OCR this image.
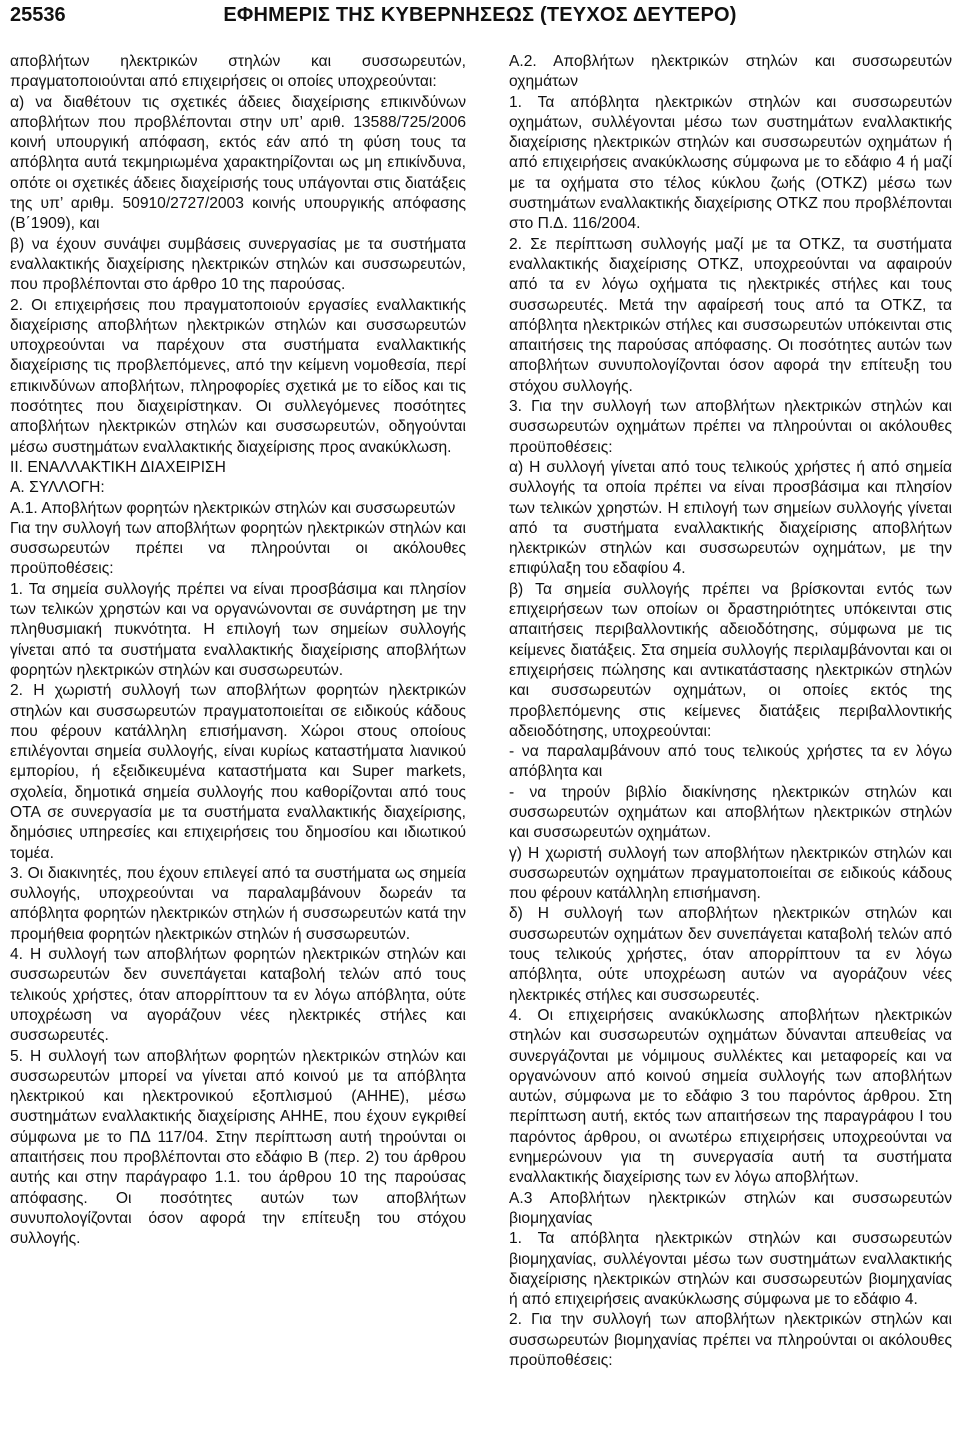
25536	ΕΦΗΜΕΡΙΣ ΤΗΣ ΚΥΒΕΡΝΗΣΕΩΣ (ΤΕΥΧΟΣ ΔΕΥΤΕΡΟ)

αποβλήτων ηλεκτρικών στηλών και συσσωρευτών, πραγματοποιούνται από επιχειρήσεις οι οποίες υποχρεούνται:

α) να διαθέτουν τις σχετικές άδειες διαχείρισης επικινδύνων αποβλήτων που προβλέπονται στην υπ’ αριθ. 13588/725/2006 κοινή υπουργική απόφαση, εκτός εάν από τη φύση τους τα απόβλητα αυτά τεκμηριωμένα χαρακτηρίζονται ως μη επικίνδυνα, οπότε οι σχετικές άδειες διαχείρισής τους υπάγονται στις διατάξεις της υπ’ αριθμ. 50910/2727/2003 κοινής υπουργικής απόφασης (Β΄1909), και

β) να έχουν συνάψει συμβάσεις συνεργασίας με τα συστήματα εναλλακτικής διαχείρισης ηλεκτρικών στηλών και συσσωρευτών, που προβλέπονται στο άρθρο 10 της παρούσας.

2. Οι επιχειρήσεις που πραγματοποιούν εργασίες εναλλακτικής διαχείρισης αποβλήτων ηλεκτρικών στηλών και συσσωρευτών υποχρεούνται να παρέχουν στα συστήματα εναλλακτικής διαχείρισης τις προβλεπόμενες, από την κείμενη νομοθεσία, περί επικινδύνων αποβλήτων, πληροφορίες σχετικά με το είδος και τις ποσότητες που διαχειρίστηκαν. Οι συλλεγόμενες ποσότητες αποβλήτων ηλεκτρικών στηλών και συσσωρευτών, οδηγούνται μέσω συστημάτων εναλλακτικής διαχείρισης προς ανακύκλωση.

ΙΙ. ΕΝΑΛΛΑΚΤΙΚΗ ΔΙΑΧΕΙΡΙΣΗ

Α. ΣΥΛΛΟΓΗ:

Α.1. Αποβλήτων φορητών ηλεκτρικών στηλών και συσσωρευτών

Για την συλλογή των αποβλήτων φορητών ηλεκτρικών στηλών και συσσωρευτών πρέπει να πληρούνται οι ακόλουθες προϋποθέσεις:

1. Τα σημεία συλλογής πρέπει να είναι προσβάσιμα και πλησίον των τελικών χρηστών και να οργανώνονται σε συνάρτηση με την πληθυσμιακή πυκνότητα. Η επιλογή των σημείων συλλογής γίνεται από τα συστήματα εναλλακτικής διαχείρισης αποβλήτων φορητών ηλεκτρικών στηλών και συσσωρευτών.

2. Η χωριστή συλλογή των αποβλήτων φορητών ηλεκτρικών στηλών και συσσωρευτών πραγματοποιείται σε ειδικούς κάδους που φέρουν κατάλληλη επισήμανση. Χώροι στους οποίους επιλέγονται σημεία συλλογής, είναι κυρίως καταστήματα λιανικού εμπορίου, ή εξειδικευμένα καταστήματα και Super markets, σχολεία, δημοτικά σημεία συλλογής που καθορίζονται από τους ΟΤΑ σε συνεργασία με τα συστήματα εναλλακτικής διαχείρισης, δημόσιες υπηρεσίες και επιχειρήσεις του δημοσίου και ιδιωτικού τομέα.

3. Οι διακινητές, που έχουν επιλεγεί από τα συστήματα ως σημεία συλλογής, υποχρεούνται να παραλαμβάνουν δωρεάν τα απόβλητα φορητών ηλεκτρικών στηλών ή συσσωρευτών κατά την προμήθεια φορητών ηλεκτρικών στηλών ή συσσωρευτών.

4. Η συλλογή των αποβλήτων φορητών ηλεκτρικών στηλών και συσσωρευτών δεν συνεπάγεται καταβολή τελών από τους τελικούς χρήστες, όταν απορρίπτουν τα εν λόγω απόβλητα, ούτε υποχρέωση να αγοράζουν νέες ηλεκτρικές στήλες και συσσωρευτές.

5. Η συλλογή των αποβλήτων φορητών ηλεκτρικών στηλών και συσσωρευτών μπορεί να γίνεται από κοινού με τα απόβλητα ηλεκτρικού και ηλεκτρονικού εξοπλισμού (ΑΗΗΕ), μέσω συστημάτων εναλλακτικής διαχείρισης ΑΗΗΕ, που έχουν εγκριθεί σύμφωνα με το ΠΔ 117/04. Στην περίπτωση αυτή τηρούνται οι απαιτήσεις που προβλέπονται στο εδάφιο Β (περ. 2) του άρθρου αυτής και στην παράγραφο 1.1. του άρθρου 10 της παρούσας απόφασης. Οι ποσότητες αυτών των αποβλήτων συνυπολογίζονται όσον αφορά την επίτευξη του στόχου συλλογής.

Α.2. Αποβλήτων ηλεκτρικών στηλών και συσσωρευτών οχημάτων

1. Τα απόβλητα ηλεκτρικών στηλών και συσσωρευτών οχημάτων, συλλέγονται μέσω των συστημάτων εναλλακτικής διαχείρισης ηλεκτρικών στηλών και συσσωρευτών οχημάτων ή από επιχειρήσεις ανακύκλωσης σύμφωνα με το εδάφιο 4 ή μαζί με τα οχήματα στο τέλος κύκλου ζωής (ΟΤΚΖ) μέσω των συστημάτων εναλλακτικής διαχείρισης ΟΤΚΖ που προβλέπονται στο Π.Δ. 116/2004.

2. Σε περίπτωση συλλογής μαζί με τα ΟΤΚΖ, τα συστήματα εναλλακτικής διαχείρισης ΟΤΚΖ, υποχρεούνται να αφαιρούν από τα εν λόγω οχήματα τις ηλεκτρικές στήλες και τους συσσωρευτές. Μετά την αφαίρεσή τους από τα ΟΤΚΖ, τα απόβλητα ηλεκτρικών στήλες και συσσωρευτών υπόκεινται στις απαιτήσεις της παρούσας απόφασης. Οι ποσότητες αυτών των αποβλήτων συνυπολογίζονται όσον αφορά την επίτευξη του στόχου συλλογής.

3. Για την συλλογή των αποβλήτων ηλεκτρικών στηλών και συσσωρευτών οχημάτων πρέπει να πληρούνται οι ακόλουθες προϋποθέσεις:

α) Η συλλογή γίνεται από τους τελικούς χρήστες ή από σημεία συλλογής τα οποία πρέπει να είναι προσβάσιμα και πλησίον των τελικών χρηστών. Η επιλογή των σημείων συλλογής γίνεται από τα συστήματα εναλλακτικής διαχείρισης αποβλήτων ηλεκτρικών στηλών και συσσωρευτών οχημάτων, με την επιφύλαξη του εδαφίου 4.

β) Τα σημεία συλλογής πρέπει να βρίσκονται εντός των επιχειρήσεων των οποίων οι δραστηριότητες υπόκεινται στις απαιτήσεις περιβαλλοντικής αδειοδότησης, σύμφωνα με τις κείμενες διατάξεις. Στα σημεία συλλογής περιλαμβάνονται και οι επιχειρήσεις πώλησης και αντικατάστασης ηλεκτρικών στηλών και συσσωρευτών οχημάτων, οι οποίες εκτός της προβλεπόμενης στις κείμενες διατάξεις περιβαλλοντικής αδειοδότησης, υποχρεούνται:

- να παραλαμβάνουν από τους τελικούς χρήστες τα εν λόγω απόβλητα και

- να τηρούν βιβλίο διακίνησης ηλεκτρικών στηλών και συσσωρευτών οχημάτων και αποβλήτων ηλεκτρικών στηλών και συσσωρευτών οχημάτων.

γ) Η χωριστή συλλογή των αποβλήτων ηλεκτρικών στηλών και συσσωρευτών οχημάτων πραγματοποιείται σε ειδικούς κάδους που φέρουν κατάλληλη επισήμανση.

δ) Η συλλογή των αποβλήτων ηλεκτρικών στηλών και συσσωρευτών οχημάτων δεν συνεπάγεται καταβολή τελών από τους τελικούς χρήστες, όταν απορρίπτουν τα εν λόγω απόβλητα, ούτε υποχρέωση αυτών να αγοράζουν νέες ηλεκτρικές στήλες και συσσωρευτές.

4. Οι επιχειρήσεις ανακύκλωσης αποβλήτων ηλεκτρικών στηλών και συσσωρευτών οχημάτων δύνανται απευθείας να συνεργάζονται με νόμιμους συλλέκτες και μεταφορείς και να οργανώνουν από κοινού σημεία συλλογής των αποβλήτων αυτών, σύμφωνα με το εδάφιο 3 του παρόντος άρθρου. Στη περίπτωση αυτή, εκτός των απαιτήσεων της παραγράφου Ι του παρόντος άρθρου, οι ανωτέρω επιχειρήσεις υποχρεούνται να ενημερώνουν για τη συνεργασία αυτή τα συστήματα εναλλακτικής διαχείρισης των εν λόγω αποβλήτων.

Α.3 Αποβλήτων ηλεκτρικών στηλών και συσσωρευτών βιομηχανίας

1. Τα απόβλητα ηλεκτρικών στηλών και συσσωρευτών βιομηχανίας, συλλέγονται μέσω των συστημάτων εναλλακτικής διαχείρισης ηλεκτρικών στηλών και συσσωρευτών βιομηχανίας ή από επιχειρήσεις ανακύκλωσης σύμφωνα με το εδάφιο 4.

2. Για την συλλογή των αποβλήτων ηλεκτρικών στηλών και συσσωρευτών βιομηχανίας πρέπει να πληρούνται οι ακόλουθες προϋποθέσεις:
